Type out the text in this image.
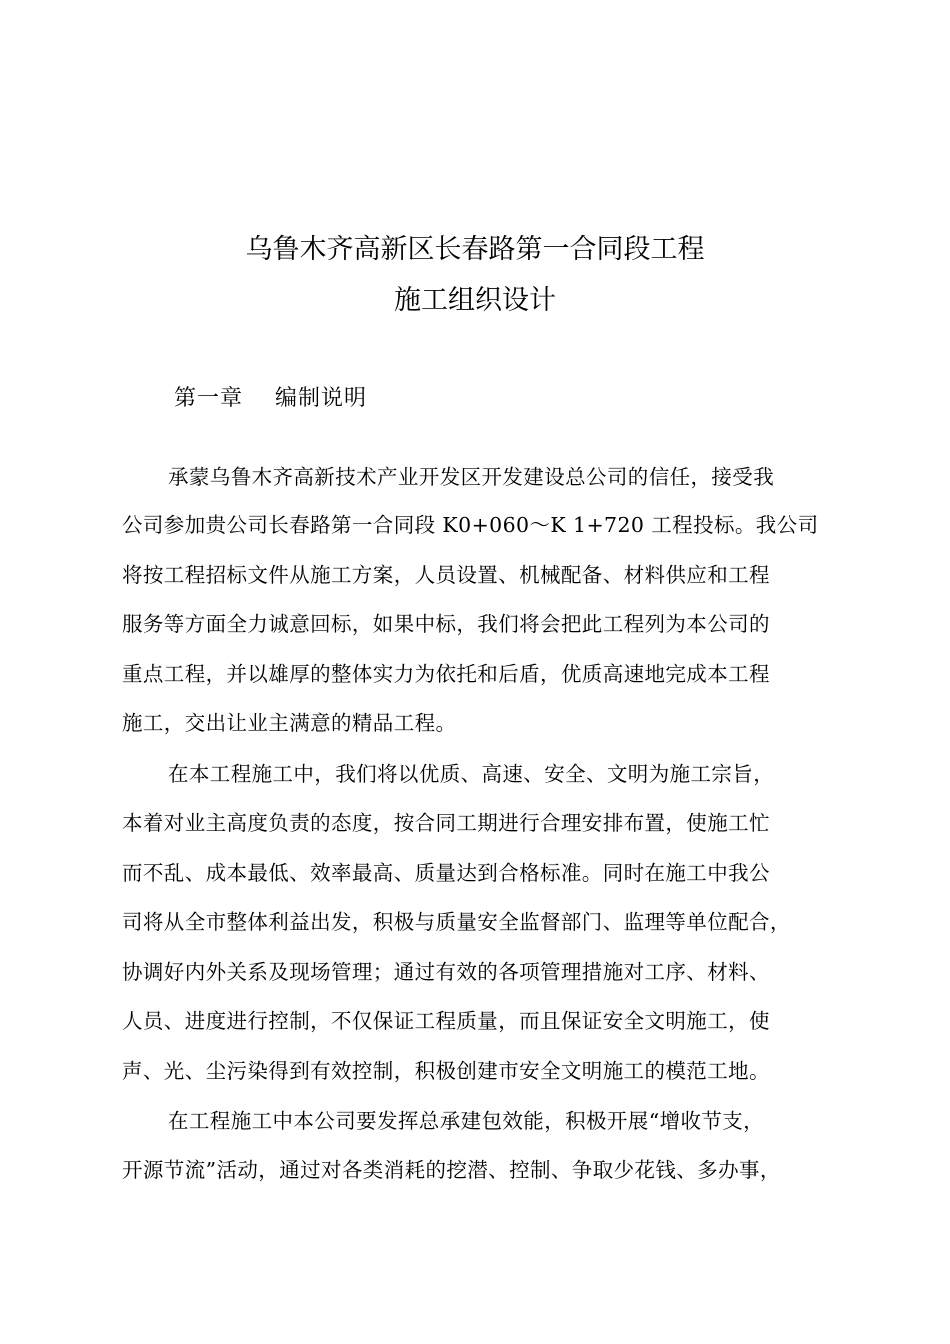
乌鲁木齐高新区长春路第一合同段工程
施工组织设计
第一章    编制说明
承蒙乌鲁木齐高新技术产业开发区开发建设总公司的信任，接受我
公司参加贵公司长春路第一合同段 K0+060～K 1+720 工程投标。我公司
将按工程招标文件从施工方案，人员设置、机械配备、材料供应和工程
服务等方面全力诚意回标，如果中标，我们将会把此工程列为本公司的
重点工程，并以雄厚的整体实力为依托和后盾，优质高速地完成本工程
施工，交出让业主满意的精品工程。
在本工程施工中，我们将以优质、高速、安全、文明为施工宗旨，
本着对业主高度负责的态度，按合同工期进行合理安排布置，使施工忙
而不乱、成本最低、效率最高、质量达到合格标准。同时在施工中我公
司将从全市整体利益出发，积极与质量安全监督部门、监理等单位配合，
协调好内外关系及现场管理；通过有效的各项管理措施对工序、材料、
人员、进度进行控制，不仅保证工程质量，而且保证安全文明施工，使
声、光、尘污染得到有效控制，积极创建市安全文明施工的模范工地。
在工程施工中本公司要发挥总承建包效能，积极开展“增收节支，
开源节流”活动，通过对各类消耗的挖潜、控制、争取少花钱、多办事，
